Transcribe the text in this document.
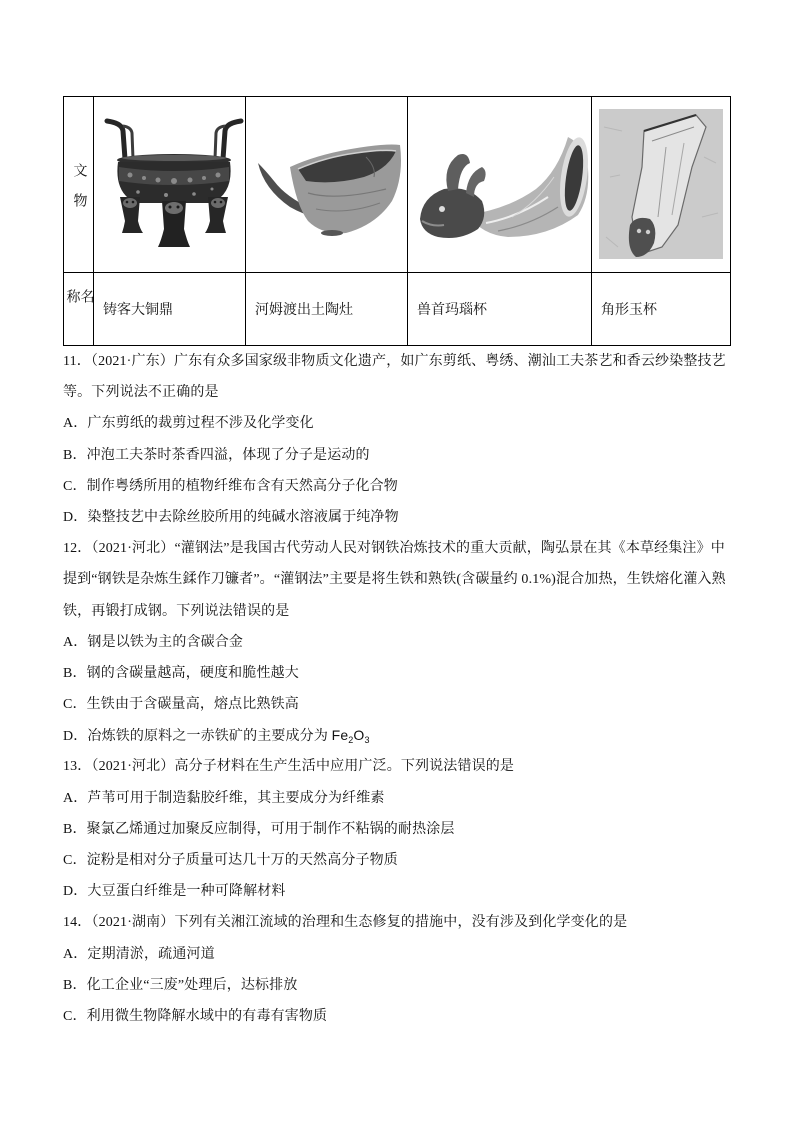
文物
名称	铸客大铜鼎	河姆渡出土陶灶	兽首玛瑙杯	角形玉杯
11．（2021·广东）广东有众多国家级非物质文化遗产，如广东剪纸、粤绣、潮汕工夫茶艺和香云纱染整技艺
等。下列说法不正确的是
A．广东剪纸的裁剪过程不涉及化学变化
B．冲泡工夫茶时茶香四溢，体现了分子是运动的
C．制作粤绣所用的植物纤维布含有天然高分子化合物
D．染整技艺中去除丝胶所用的纯碱水溶液属于纯净物
12．（2021·河北）“灌钢法”是我国古代劳动人民对钢铁冶炼技术的重大贡献，陶弘景在其《本草经集注》中
提到“钢铁是杂炼生鍒作刀镰者”。“灌钢法”主要是将生铁和熟铁(含碳量约 0.1%)混合加热，生铁熔化灌入熟
铁，再锻打成钢。下列说法错误的是
A．钢是以铁为主的含碳合金
B．钢的含碳量越高，硬度和脆性越大
C．生铁由于含碳量高，熔点比熟铁高
D．冶炼铁的原料之一赤铁矿的主要成分为 $Fe_2O_3$
13．（2021·河北）高分子材料在生产生活中应用广泛。下列说法错误的是
A．芦苇可用于制造黏胶纤维，其主要成分为纤维素
B．聚氯乙烯通过加聚反应制得，可用于制作不粘锅的耐热涂层
C．淀粉是相对分子质量可达几十万的天然高分子物质
D．大豆蛋白纤维是一种可降解材料
14．（2021·湖南）下列有关湘江流域的治理和生态修复的措施中，没有涉及到化学变化的是
A．定期清淤，疏通河道
B．化工企业“三废”处理后，达标排放
C．利用微生物降解水域中的有毒有害物质
